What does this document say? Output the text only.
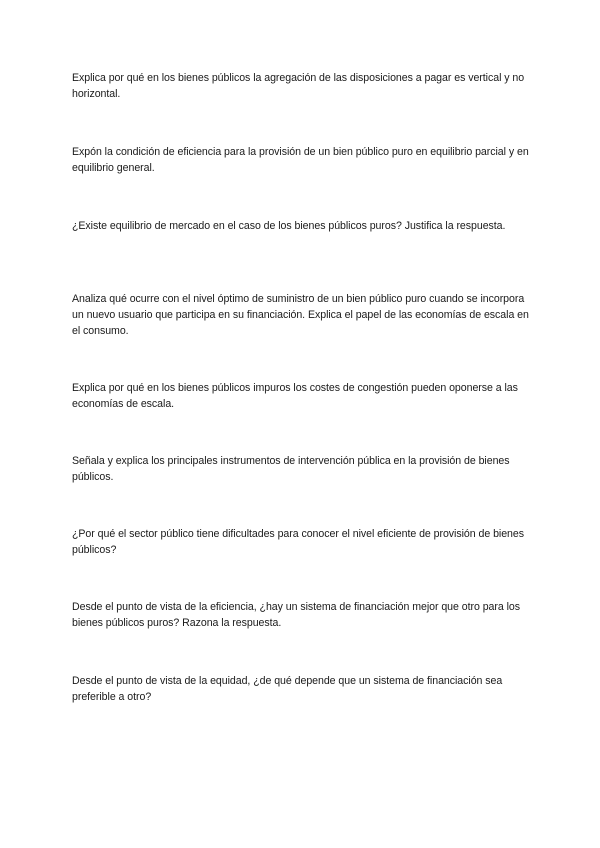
Explica por qué en los bienes públicos la agregación de las disposiciones a pagar es vertical y no horizontal.

Expón la condición de eficiencia para la provisión de un bien público puro en equilibrio parcial y en equilibrio general.

¿Existe equilibrio de mercado en el caso de los bienes públicos puros? Justifica la respuesta.

Analiza qué ocurre con el nivel óptimo de suministro de un bien público puro cuando se incorpora un nuevo usuario que participa en su financiación. Explica el papel de las economías de escala en el consumo.

Explica por qué en los bienes públicos impuros los costes de congestión pueden oponerse a las economías de escala.

Señala y explica los principales instrumentos de intervención pública en la provisión de bienes públicos.

¿Por qué el sector público tiene dificultades para conocer el nivel eficiente de provisión de bienes públicos?

Desde el punto de vista de la eficiencia, ¿hay un sistema de financiación mejor que otro para los bienes públicos puros? Razona la respuesta.

Desde el punto de vista de la equidad, ¿de qué depende que un sistema de financiación sea preferible a otro?
